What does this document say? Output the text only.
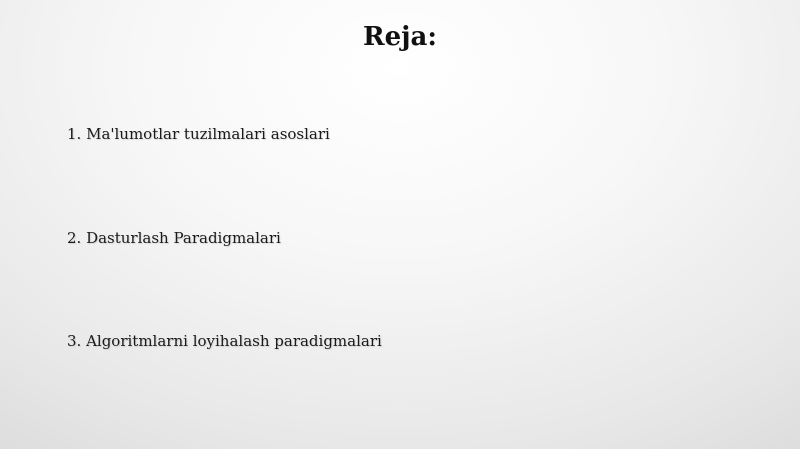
Reja:
1. Ma'lumotlar tuzilmalari asoslari
2. Dasturlash Paradigmalari
3. Algoritmlarni loyihalash paradigmalari
